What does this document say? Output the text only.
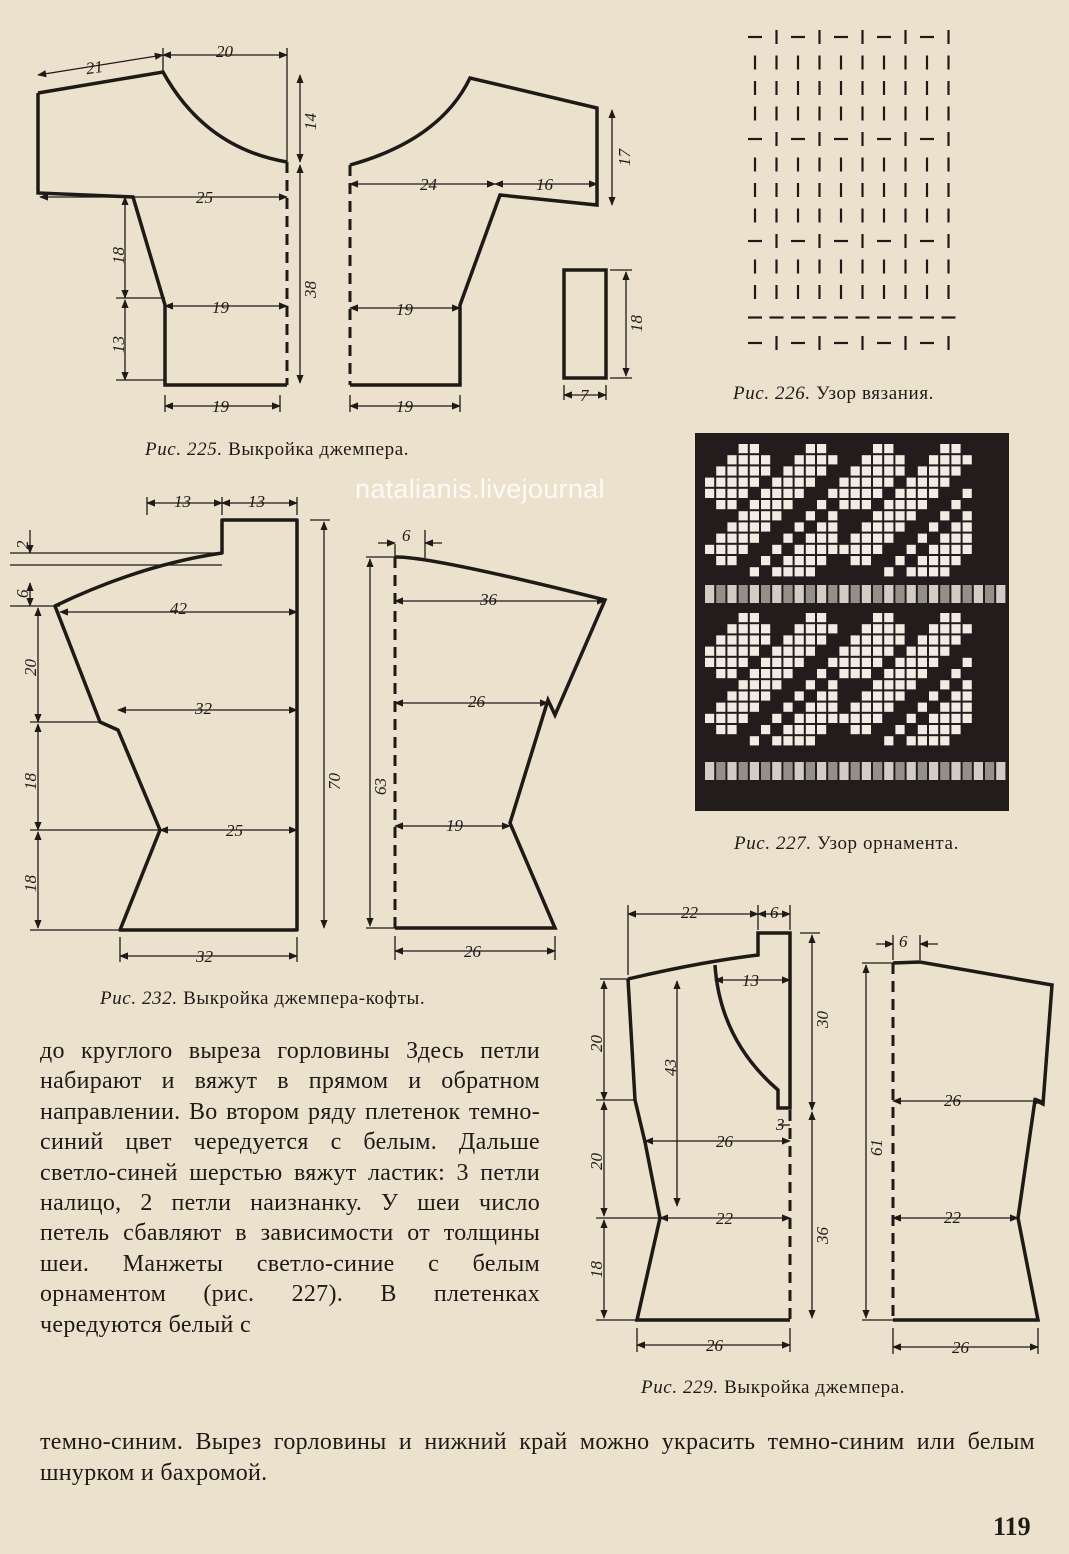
21
20
14
25
18
19
13
38
19
24	16
17
19
19
18
7
13	13
2
6
42
20
32
18
25
18
70
32
6
63
36
26
19
26
22	6
13
30
20
43
3
26
20
22
36
18
26
6
61
26
22
26
Рис. 225. Выкройка джемпера.
Рис. 226. Узор вязания.
Рис. 227. Узор орнамента.
Рис. 232. Выкройка джемпера-кофты.
Рис. 229. Выкройка джемпера.
natalianis.livejournal
до круглого выреза горловины Здесь петли набирают и вяжут в прямом и обратном направлении. Во втором ряду плетенок темно-синий цвет чередуется с белым. Дальше светло-синей шерстью вяжут ластик: 3 петли налицо, 2 петли наизнанку. У шеи число петель сбавляют в зависимости от толщины шеи. Манжеты светло-синие с белым орнаментом (рис. 227). В плетенках чередуются белый с
темно-синим. Вырез горловины и нижний край можно украсить темно-синим или белым шнурком и бахромой.
119
